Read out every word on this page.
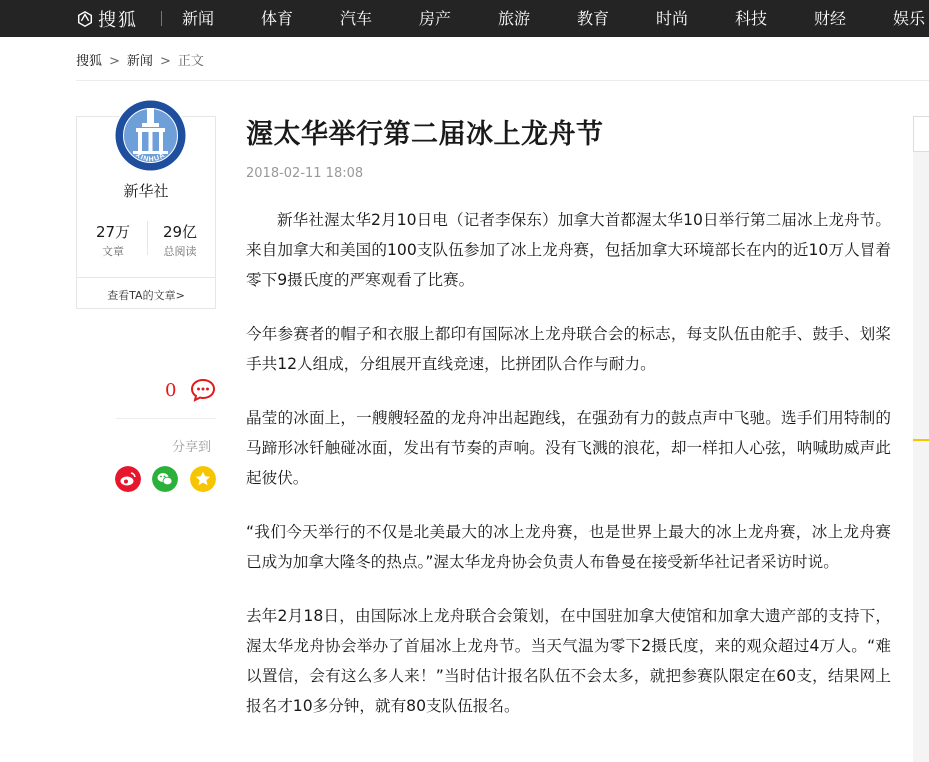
搜狐	新闻	体育	汽车	房产	旅游	教育	时尚	科技	财经	娱乐
搜狐 > 新闻 > 正文
XINHUA
新华社
27万
文章
29亿
总阅读
查看TA的文章>
0
分享到
渥太华举行第二届冰上龙舟节
2018-02-11 18:08

新华社渥太华2月10日电（记者李保东）加拿大首都渥太华10日举行第二届冰上龙舟节。来自加拿大和美国的100支队伍参加了冰上龙舟赛，包括加拿大环境部长在内的近10万人冒着零下9摄氏度的严寒观看了比赛。

今年参赛者的帽子和衣服上都印有国际冰上龙舟联合会的标志，每支队伍由舵手、鼓手、划桨手共12人组成，分组展开直线竞速，比拼团队合作与耐力。

晶莹的冰面上，一艘艘轻盈的龙舟冲出起跑线，在强劲有力的鼓点声中飞驰。选手们用特制的马蹄形冰钎触碰冰面，发出有节奏的声响。没有飞溅的浪花，却一样扣人心弦，呐喊助威声此起彼伏。

“我们今天举行的不仅是北美最大的冰上龙舟赛，也是世界上最大的冰上龙舟赛，冰上龙舟赛已成为加拿大隆冬的热点。”渥太华龙舟协会负责人布鲁曼在接受新华社记者采访时说。

去年2月18日，由国际冰上龙舟联合会策划，在中国驻加拿大使馆和加拿大遗产部的支持下，渥太华龙舟协会举办了首届冰上龙舟节。当天气温为零下2摄氏度，来的观众超过4万人。“难以置信，会有这么多人来！”当时估计报名队伍不会太多，就把参赛队限定在60支，结果网上报名才10多分钟，就有80支队伍报名。
